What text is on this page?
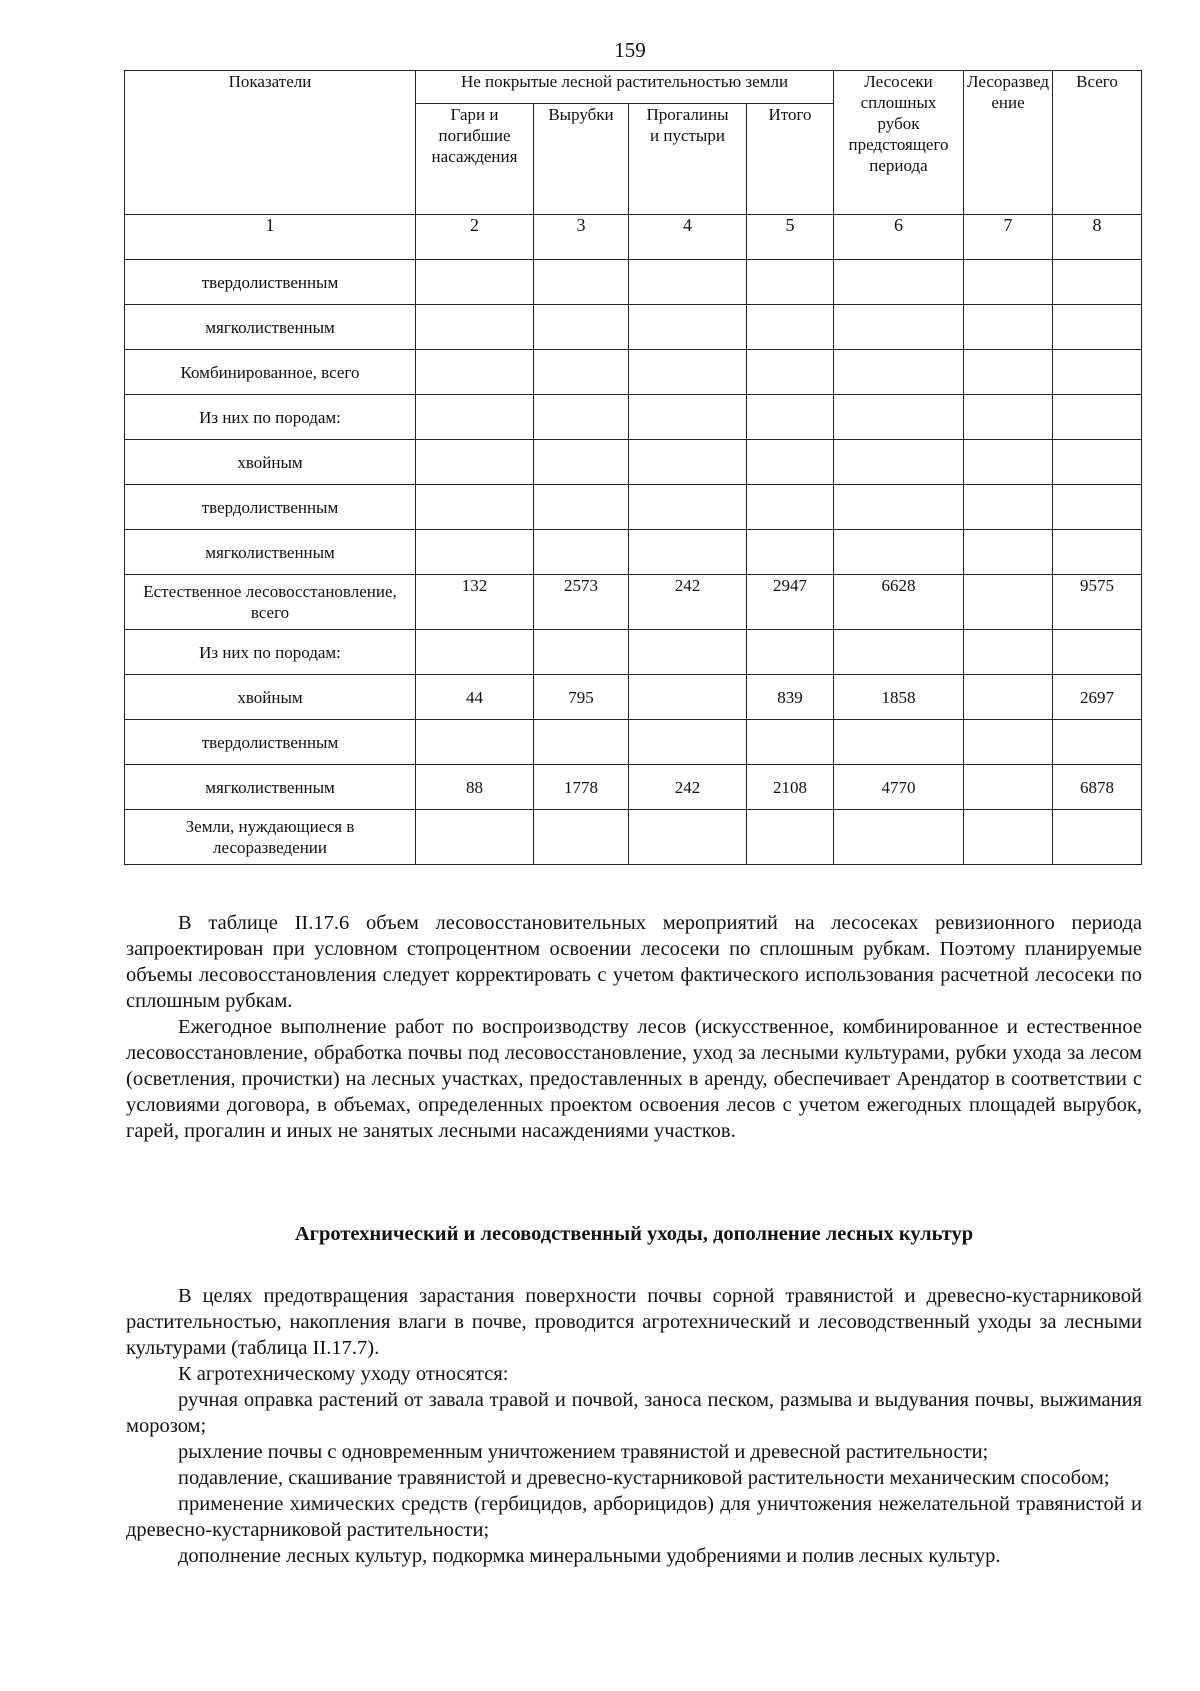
159
Показатели	Не покрытые лесной растительностью земли				Лесосеки сплошных рубок предстоящего периода	Лесоразведение	Всего
	Гари и погибшие насаждения	Вырубки	Прогалины и пустыри	Итого			
1	2	3	4	5	6	7	8
твердолиственным							
мягколиственным							
Комбинированное, всего							
Из них по породам:							
хвойным							
твердолиственным							
мягколиственным							
Естественное лесовосстановление, всего	132	2573	242	2947	6628		9575
Из них по породам:							
хвойным	44	795		839	1858		2697
твердолиственным							
мягколиственным	88	1778	242	2108	4770		6878
Земли, нуждающиеся в лесоразведении							

В таблице II.17.6 объем лесовосстановительных мероприятий на лесосеках ревизионного периода запроектирован при условном стопроцентном освоении лесосеки по сплошным рубкам. Поэтому планируемые объемы лесовосстановления следует корректировать с учетом фактического использования расчетной лесосеки по сплошным рубкам.

Ежегодное выполнение работ по воспроизводству лесов (искусственное, комбинированное и естественное лесовосстановление, обработка почвы под лесовосстановление, уход за лесными культурами, рубки ухода за лесом (осветления, прочистки) на лесных участках, предоставленных в аренду, обеспечивает Арендатор в соответствии с условиями договора, в объемах, определенных проектом освоения лесов с учетом ежегодных площадей вырубок, гарей, прогалин и иных не занятых лесными насаждениями участков.

Агротехнический и лесоводственный уходы, дополнение лесных культур

В целях предотвращения зарастания поверхности почвы сорной травянистой и древесно-кустарниковой растительностью, накопления влаги в почве, проводится агротехнический и лесоводственный уходы за лесными культурами (таблица II.17.7).

К агротехническому уходу относятся:

ручная оправка растений от завала травой и почвой, заноса песком, размыва и выдувания почвы, выжимания морозом;

рыхление почвы с одновременным уничтожением травянистой и древесной растительности;

подавление, скашивание травянистой и древесно-кустарниковой растительности механическим способом;

применение химических средств (гербицидов, арборицидов) для уничтожения нежелательной травянистой и древесно-кустарниковой растительности;

дополнение лесных культур, подкормка минеральными удобрениями и полив лесных культур.
